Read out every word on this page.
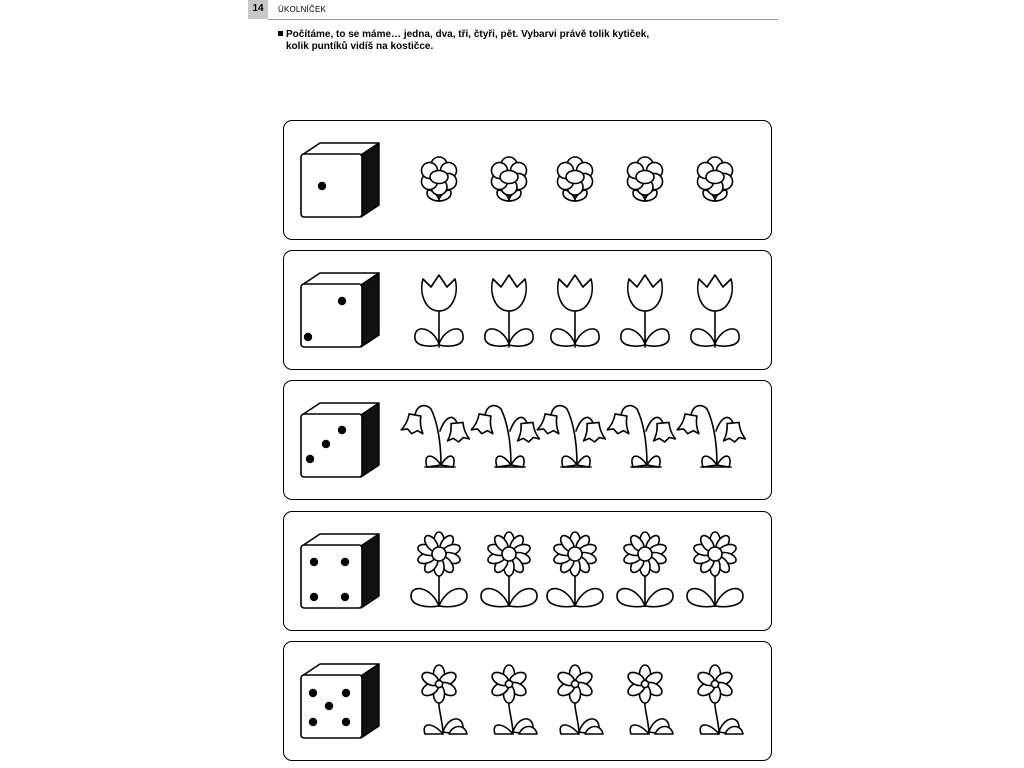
14	ÚKOLNÍČEK
Počítáme, to se máme… jedna, dva, tři, čtyři, pět. Vybarvi právě tolik kytiček,
kolik puntíků vidíš na kostičce.
